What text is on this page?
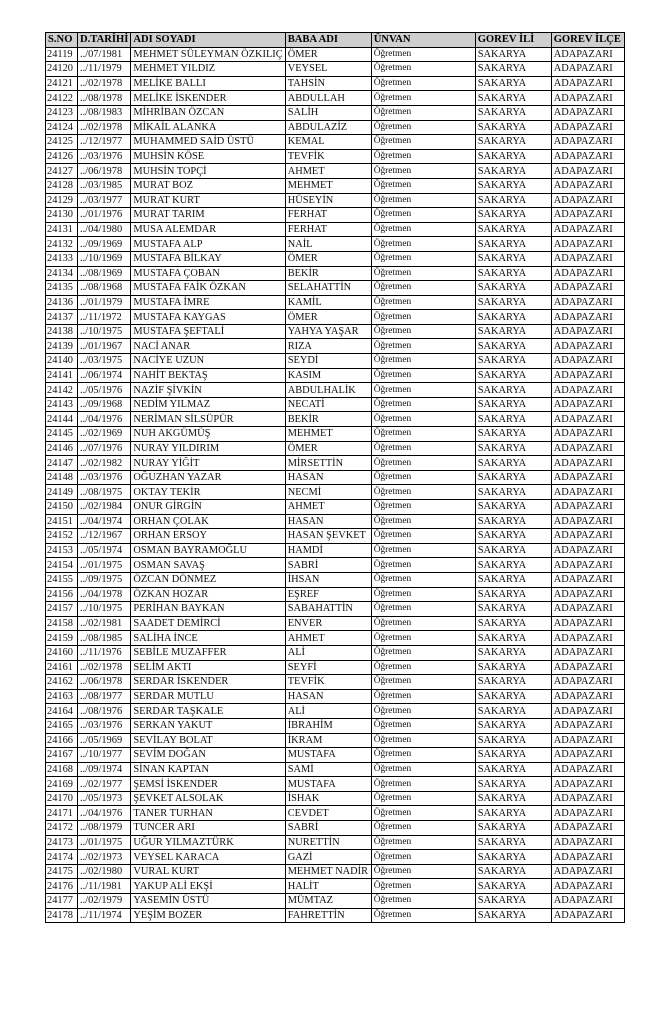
S.NO	D.TARİHİ	ADI SOYADI	BABA ADI	ÜNVAN	GOREV İLİ	GOREV İLÇE
24119	../07/1981	MEHMET SÜLEYMAN ÖZKILIÇ	ÖMER	Öğretmen	SAKARYA	ADAPAZARI
24120	../11/1979	MEHMET YILDIZ	VEYSEL	Öğretmen	SAKARYA	ADAPAZARI
24121	../02/1978	MELİKE BALLI	TAHSİN	Öğretmen	SAKARYA	ADAPAZARI
24122	../08/1978	MELİKE İSKENDER	ABDULLAH	Öğretmen	SAKARYA	ADAPAZARI
24123	../08/1983	MİHRİBAN ÖZCAN	SALİH	Öğretmen	SAKARYA	ADAPAZARI
24124	../02/1978	MİKAİL ALANKA	ABDULAZİZ	Öğretmen	SAKARYA	ADAPAZARI
24125	../12/1977	MUHAMMED SAİD ÜSTÜ	KEMAL	Öğretmen	SAKARYA	ADAPAZARI
24126	../03/1976	MUHSİN KÖSE	TEVFİK	Öğretmen	SAKARYA	ADAPAZARI
24127	../06/1978	MUHSİN TOPÇİ	AHMET	Öğretmen	SAKARYA	ADAPAZARI
24128	../03/1985	MURAT BOZ	MEHMET	Öğretmen	SAKARYA	ADAPAZARI
24129	../03/1977	MURAT KURT	HÜSEYİN	Öğretmen	SAKARYA	ADAPAZARI
24130	../01/1976	MURAT TARIM	FERHAT	Öğretmen	SAKARYA	ADAPAZARI
24131	../04/1980	MUSA ALEMDAR	FERHAT	Öğretmen	SAKARYA	ADAPAZARI
24132	../09/1969	MUSTAFA ALP	NAİL	Öğretmen	SAKARYA	ADAPAZARI
24133	../10/1969	MUSTAFA BİLKAY	ÖMER	Öğretmen	SAKARYA	ADAPAZARI
24134	../08/1969	MUSTAFA ÇOBAN	BEKİR	Öğretmen	SAKARYA	ADAPAZARI
24135	../08/1968	MUSTAFA FAİK ÖZKAN	SELAHATTİN	Öğretmen	SAKARYA	ADAPAZARI
24136	../01/1979	MUSTAFA İMRE	KAMİL	Öğretmen	SAKARYA	ADAPAZARI
24137	../11/1972	MUSTAFA KAYGAS	ÖMER	Öğretmen	SAKARYA	ADAPAZARI
24138	../10/1975	MUSTAFA ŞEFTALİ	YAHYA YAŞAR	Öğretmen	SAKARYA	ADAPAZARI
24139	../01/1967	NACİ ANAR	RIZA	Öğretmen	SAKARYA	ADAPAZARI
24140	../03/1975	NACİYE UZUN	SEYDİ	Öğretmen	SAKARYA	ADAPAZARI
24141	../06/1974	NAHİT BEKTAŞ	KASIM	Öğretmen	SAKARYA	ADAPAZARI
24142	../05/1976	NAZİF ŞİVKİN	ABDULHALİK	Öğretmen	SAKARYA	ADAPAZARI
24143	../09/1968	NEDİM YILMAZ	NECATİ	Öğretmen	SAKARYA	ADAPAZARI
24144	../04/1976	NERİMAN SİLSÜPÜR	BEKİR	Öğretmen	SAKARYA	ADAPAZARI
24145	../02/1969	NUH AKGÜMÜŞ	MEHMET	Öğretmen	SAKARYA	ADAPAZARI
24146	../07/1976	NURAY YILDIRIM	ÖMER	Öğretmen	SAKARYA	ADAPAZARI
24147	../02/1982	NURAY YİĞİT	MİRSETTİN	Öğretmen	SAKARYA	ADAPAZARI
24148	../03/1976	OĞUZHAN YAZAR	HASAN	Öğretmen	SAKARYA	ADAPAZARI
24149	../08/1975	OKTAY TEKİR	NECMİ	Öğretmen	SAKARYA	ADAPAZARI
24150	../02/1984	ONUR GİRGİN	AHMET	Öğretmen	SAKARYA	ADAPAZARI
24151	../04/1974	ORHAN ÇOLAK	HASAN	Öğretmen	SAKARYA	ADAPAZARI
24152	../12/1967	ORHAN ERSOY	HASAN ŞEVKET	Öğretmen	SAKARYA	ADAPAZARI
24153	../05/1974	OSMAN BAYRAMOĞLU	HAMDİ	Öğretmen	SAKARYA	ADAPAZARI
24154	../01/1975	OSMAN SAVAŞ	SABRİ	Öğretmen	SAKARYA	ADAPAZARI
24155	../09/1975	ÖZCAN DÖNMEZ	İHSAN	Öğretmen	SAKARYA	ADAPAZARI
24156	../04/1978	ÖZKAN HOZAR	EŞREF	Öğretmen	SAKARYA	ADAPAZARI
24157	../10/1975	PERİHAN BAYKAN	SABAHATTİN	Öğretmen	SAKARYA	ADAPAZARI
24158	../02/1981	SAADET DEMİRCİ	ENVER	Öğretmen	SAKARYA	ADAPAZARI
24159	../08/1985	SALİHA İNCE	AHMET	Öğretmen	SAKARYA	ADAPAZARI
24160	../11/1976	SEBİLE MUZAFFER	ALİ	Öğretmen	SAKARYA	ADAPAZARI
24161	../02/1978	SELİM AKTI	SEYFİ	Öğretmen	SAKARYA	ADAPAZARI
24162	../06/1978	SERDAR İSKENDER	TEVFİK	Öğretmen	SAKARYA	ADAPAZARI
24163	../08/1977	SERDAR MUTLU	HASAN	Öğretmen	SAKARYA	ADAPAZARI
24164	../08/1976	SERDAR TAŞKALE	ALİ	Öğretmen	SAKARYA	ADAPAZARI
24165	../03/1976	SERKAN YAKUT	İBRAHİM	Öğretmen	SAKARYA	ADAPAZARI
24166	../05/1969	SEVİLAY BOLAT	İKRAM	Öğretmen	SAKARYA	ADAPAZARI
24167	../10/1977	SEVİM DOĞAN	MUSTAFA	Öğretmen	SAKARYA	ADAPAZARI
24168	../09/1974	SİNAN KAPTAN	SAMİ	Öğretmen	SAKARYA	ADAPAZARI
24169	../02/1977	ŞEMSİ İSKENDER	MUSTAFA	Öğretmen	SAKARYA	ADAPAZARI
24170	../05/1973	ŞEVKET ALSOLAK	İSHAK	Öğretmen	SAKARYA	ADAPAZARI
24171	../04/1976	TANER TURHAN	CEVDET	Öğretmen	SAKARYA	ADAPAZARI
24172	../08/1979	TUNCER ARI	SABRİ	Öğretmen	SAKARYA	ADAPAZARI
24173	../01/1975	UĞUR YILMAZTÜRK	NURETTİN	Öğretmen	SAKARYA	ADAPAZARI
24174	../02/1973	VEYSEL KARACA	GAZİ	Öğretmen	SAKARYA	ADAPAZARI
24175	../02/1980	VURAL KURT	MEHMET NADİR	Öğretmen	SAKARYA	ADAPAZARI
24176	../11/1981	YAKUP ALİ EKŞİ	HALİT	Öğretmen	SAKARYA	ADAPAZARI
24177	../02/1979	YASEMİN ÜSTÜ	MÜMTAZ	Öğretmen	SAKARYA	ADAPAZARI
24178	../11/1974	YEŞİM BOZER	FAHRETTİN	Öğretmen	SAKARYA	ADAPAZARI
